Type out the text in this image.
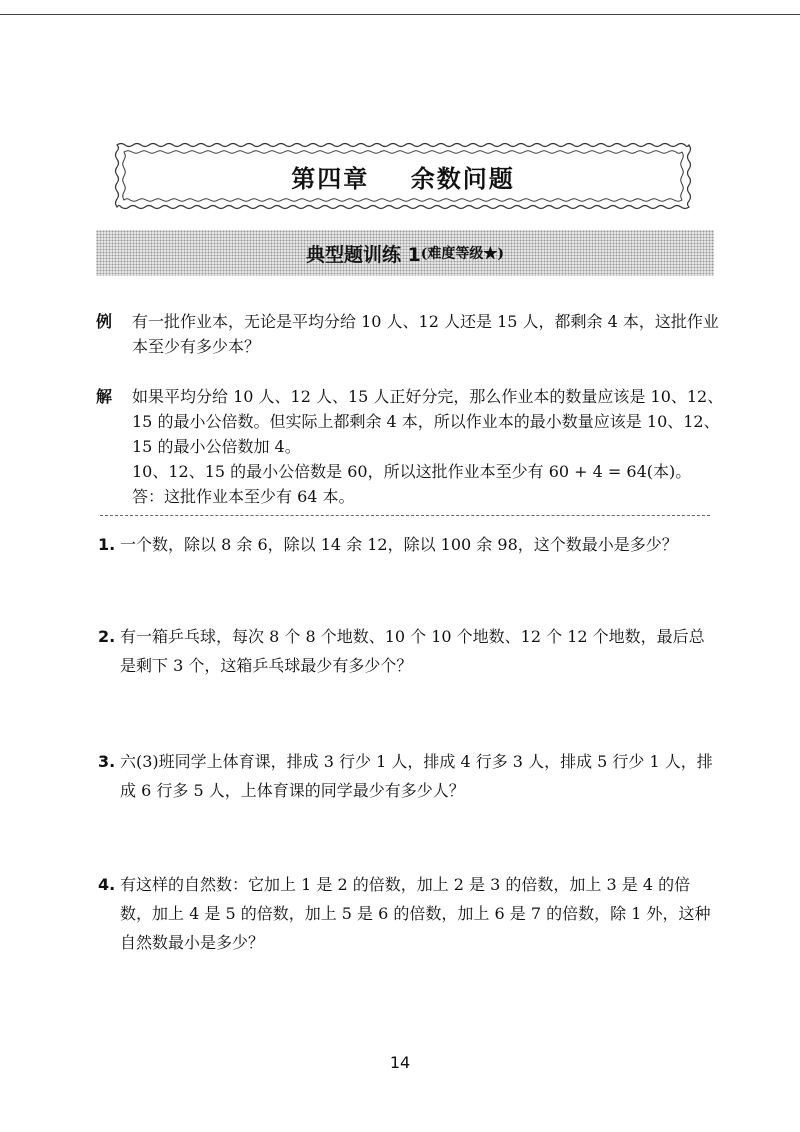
第四章    余数问题
典型题训练 1 (难度等级★)
例 有一批作业本，无论是平均分给 10 人、12 人还是 15 人，都剩余 4 本，这批作业本至少有多少本？
解 如果平均分给 10 人、12 人、15 人正好分完，那么作业本的数量应该是 10、12、15 的最小公倍数。但实际上都剩余 4 本，所以作业本的最小数量应该是 10、12、15 的最小公倍数加 4。
10、12、15 的最小公倍数是 60，所以这批作业本至少有 60 + 4 = 64(本)。
答：这批作业本至少有 64 本。
1. 一个数，除以 8 余 6，除以 14 余 12，除以 100 余 98，这个数最小是多少？
2. 有一箱乒乓球，每次 8 个 8 个地数、10 个 10 个地数、12 个 12 个地数，最后总是剩下 3 个，这箱乒乓球最少有多少个？
3. 六(3)班同学上体育课，排成 3 行少 1 人，排成 4 行多 3 人，排成 5 行少 1 人，排成 6 行多 5 人，上体育课的同学最少有多少人？
4. 有这样的自然数：它加上 1 是 2 的倍数，加上 2 是 3 的倍数，加上 3 是 4 的倍数，加上 4 是 5 的倍数，加上 5 是 6 的倍数，加上 6 是 7 的倍数，除 1 外，这种自然数最小是多少？
14
